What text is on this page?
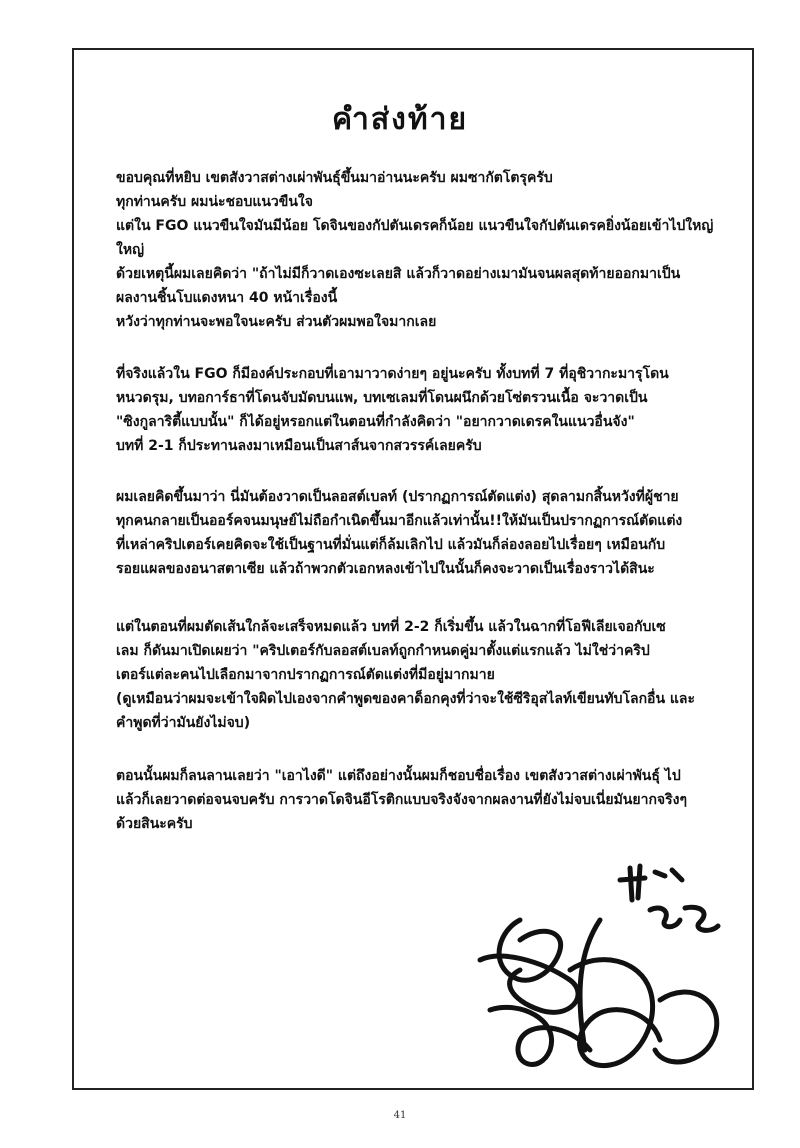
คำส่งท้าย
ขอบคุณที่หยิบ เขตสังวาสต่างเผ่าพันธุ์ขึ้นมาอ่านนะครับ ผมซากัตโตรุครับ
ทุกท่านครับ ผมน่ะชอบแนวขืนใจ
แต่ใน FGO แนวขืนใจมันมีน้อย โดจินของกัปตันเดรคก็น้อย แนวขืนใจกัปตันเดรคยิ่งน้อยเข้าไปใหญ่
ใหญ่
ด้วยเหตุนี้ผมเลยคิดว่า "ถ้าไม่มีก็วาดเองซะเลยสิ แล้วก็วาดอย่างเมามันจนผลสุดท้ายออกมาเป็น
ผลงานชิ้นโบแดงหนา 40 หน้าเรื่องนี้
หวังว่าทุกท่านจะพอใจนะครับ ส่วนตัวผมพอใจมากเลย
ที่จริงแล้วใน FGO ก็มีองค์ประกอบที่เอามาวาดง่ายๆ อยู่นะครับ ทั้งบทที่ 7 ที่อุชิวากะมารุโดน
หนวดรุม, บทอการ์ธาที่โดนจับมัดบนแพ, บทเซเลมที่โดนผนึกด้วยโซ่ตรวนเนื้อ จะวาดเป็น
"ซิงกูลาริตี้แบบนั้น" ก็ได้อยู่หรอกแต่ในตอนที่กำลังคิดว่า "อยากวาดเดรคในแนวอื่นจัง"
บทที่ 2-1 ก็ประทานลงมาเหมือนเป็นสาส์นจากสวรรค์เลยครับ
ผมเลยคิดขึ้นมาว่า นี่มันต้องวาดเป็นลอสต์เบลท์ (ปรากฏการณ์ตัดแต่ง) สุดลามกสิ้นหวังที่ผู้ชาย
ทุกคนกลายเป็นออร์คจนมนุษย์ไม่ถือกำเนิดขึ้นมาอีกแล้วเท่านั้น!!ให้มันเป็นปรากฏการณ์ตัดแต่ง
ที่เหล่าคริปเตอร์เคยคิดจะใช้เป็นฐานที่มั่นแต่ก็ล้มเลิกไป แล้วมันก็ล่องลอยไปเรื่อยๆ เหมือนกับ
รอยแผลของอนาสตาเซีย แล้วถ้าพวกตัวเอกหลงเข้าไปในนั้นก็คงจะวาดเป็นเรื่องราวได้สินะ
แต่ในตอนที่ผมตัดเส้นใกล้จะเสร็จหมดแล้ว บทที่ 2-2 ก็เริ่มขึ้น แล้วในฉากที่โอฟีเลียเจอกับเซ
เลม ก็ดันมาเปิดเผยว่า "คริปเตอร์กับลอสต์เบลท์ถูกกำหนดคู่มาตั้งแต่แรกแล้ว ไม่ใช่ว่าคริป
เตอร์แต่ละคนไปเลือกมาจากปรากฏการณ์ตัดแต่งที่มีอยู่มากมาย
(ดูเหมือนว่าผมจะเข้าใจผิดไปเองจากคำพูดของคาด็อกคุงที่ว่าจะใช้ซีริอุสไลท์เขียนทับโลกอื่น และ
คำพูดที่ว่ามันยังไม่จบ)
ตอนนั้นผมก็ลนลานเลยว่า "เอาไงดี" แต่ถึงอย่างนั้นผมก็ชอบชื่อเรื่อง เขตสังวาสต่างเผ่าพันธุ์ ไป
แล้วก็เลยวาดต่อจนจบครับ การวาดโดจินอีโรติกแบบจริงจังจากผลงานที่ยังไม่จบเนี่ยมันยากจริงๆ
ด้วยสินะครับ
41
